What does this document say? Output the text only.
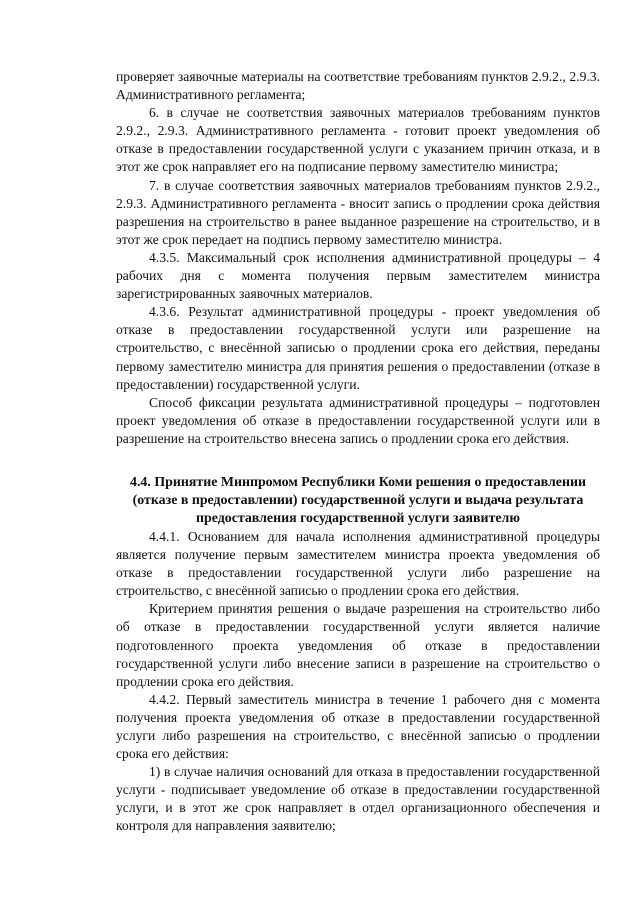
проверяет заявочные материалы на соответствие требованиям пунктов 2.9.2., 2.9.3. Административного регламента;

6. в случае не соответствия заявочных материалов требованиям пунктов 2.9.2., 2.9.3. Административного регламента - готовит проект уведомления об отказе в предоставлении государственной услуги с указанием причин отказа, и в этот же срок направляет его на подписание первому заместителю министра;

7. в случае соответствия заявочных материалов требованиям пунктов 2.9.2., 2.9.3. Административного регламента - вносит запись о продлении срока действия разрешения на строительство в ранее выданное разрешение на строительство, и в этот же срок передает на подпись первому заместителю министра.

4.3.5. Максимальный срок исполнения административной процедуры – 4 рабочих дня с момента получения первым заместителем министра зарегистрированных заявочных материалов.

4.3.6. Результат административной процедуры - проект уведомления об отказе в предоставлении государственной услуги или разрешение на строительство, с внесённой записью о продлении срока его действия, переданы первому заместителю министра для принятия решения о предоставлении (отказе в предоставлении) государственной услуги.

Способ фиксации результата административной процедуры – подготовлен проект уведомления об отказе в предоставлении государственной услуги или в разрешение на строительство внесена запись о продлении срока его действия.

4.4. Принятие Минпромом Республики Коми решения о предоставлении (отказе в предоставлении) государственной услуги и выдача результата предоставления государственной услуги заявителю

4.4.1. Основанием для начала исполнения административной процедуры является получение первым заместителем министра проекта уведомления об отказе в предоставлении государственной услуги либо разрешение на строительство, с внесённой записью о продлении срока его действия.

Критерием принятия решения о выдаче разрешения на строительство либо об отказе в предоставлении государственной услуги является наличие подготовленного проекта уведомления об отказе в предоставлении государственной услуги либо внесение записи в разрешение на строительство о продлении срока его действия.

4.4.2. Первый заместитель министра в течение 1 рабочего дня с момента получения проекта уведомления об отказе в предоставлении государственной услуги либо разрешения на строительство, с внесённой записью о продлении срока его действия:

1) в случае наличия оснований для отказа в предоставлении государственной услуги - подписывает уведомление об отказе в предоставлении государственной услуги, и в этот же срок направляет в отдел организационного обеспечения и контроля для направления заявителю;
